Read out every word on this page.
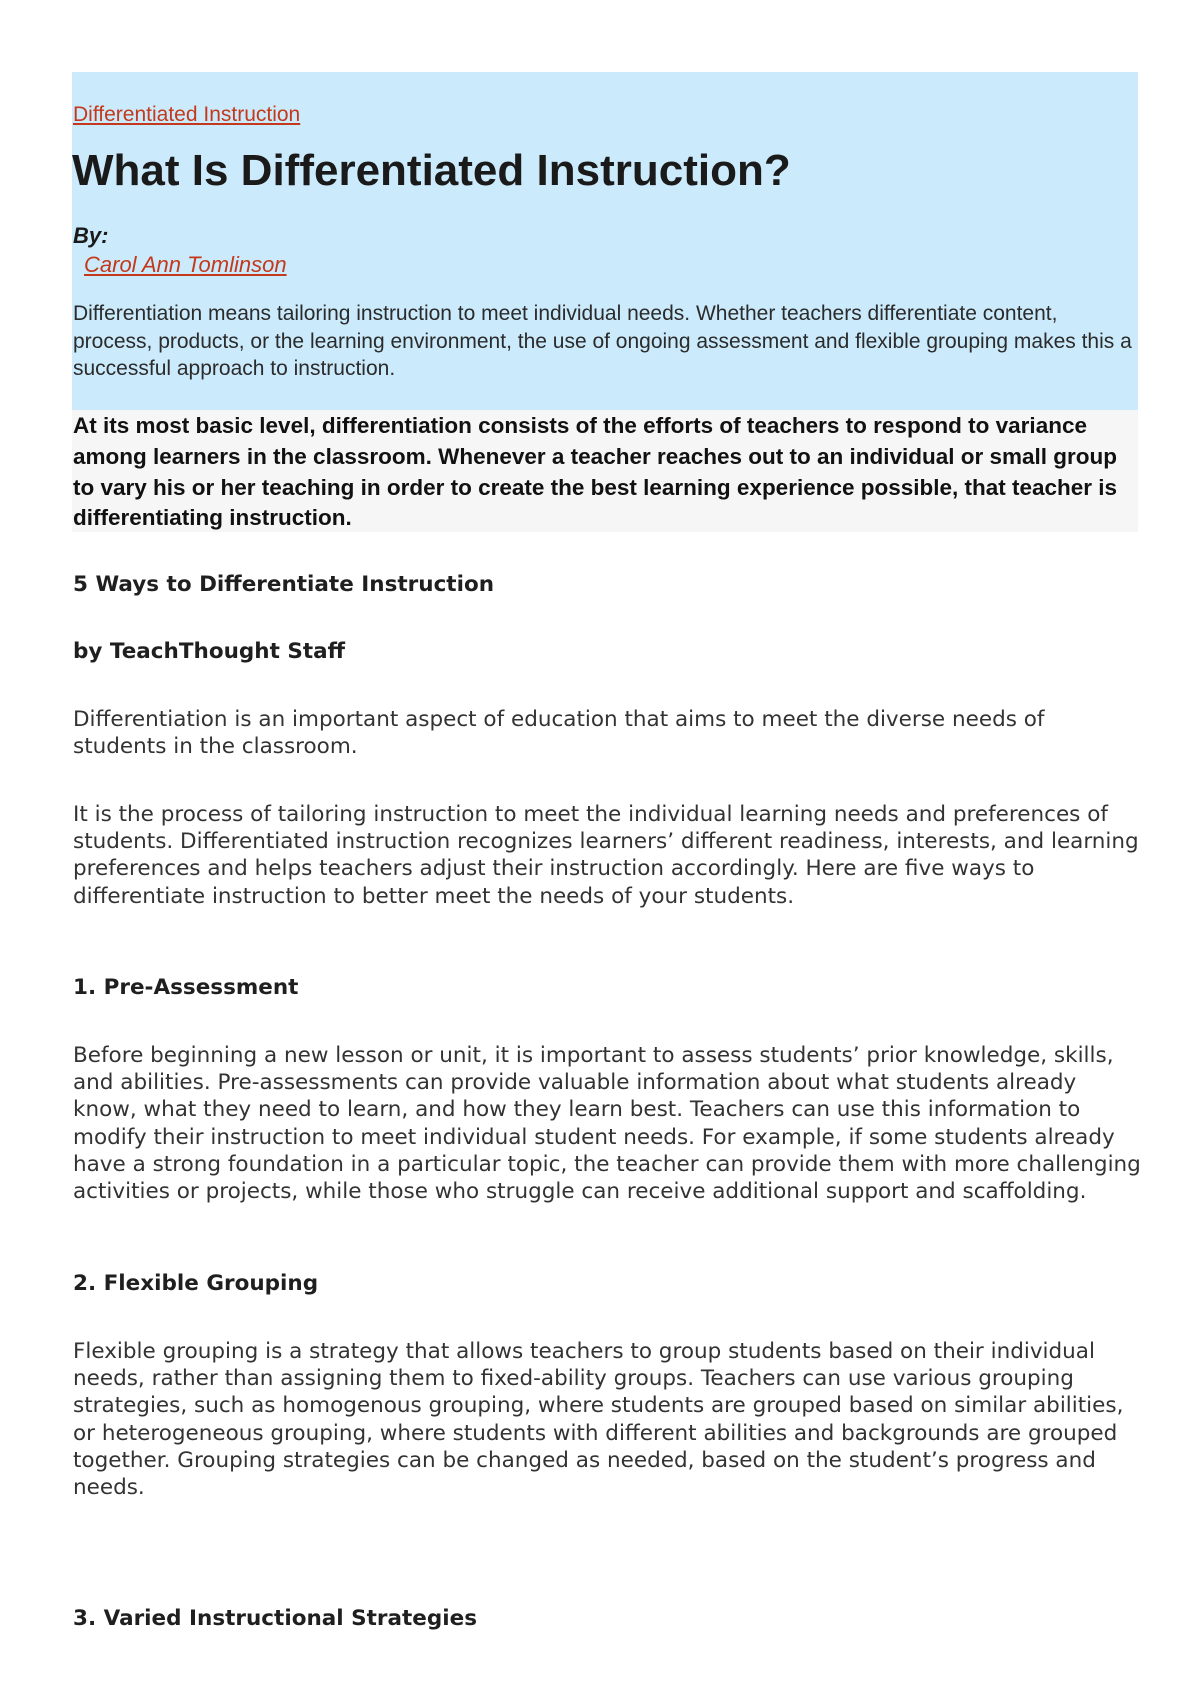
Differentiated Instruction
What Is Differentiated Instruction?
By:
Carol Ann Tomlinson

Differentiation means tailoring instruction to meet individual needs. Whether teachers differentiate content, process, products, or the learning environment, the use of ongoing assessment and flexible grouping makes this a successful approach to instruction.

At its most basic level, differentiation consists of the efforts of teachers to respond to variance among learners in the classroom. Whenever a teacher reaches out to an individual or small group to vary his or her teaching in order to create the best learning experience possible, that teacher is differentiating instruction.

5 Ways to Differentiate Instruction
by TeachThought Staff

Differentiation is an important aspect of education that aims to meet the diverse needs of students in the classroom.

It is the process of tailoring instruction to meet the individual learning needs and preferences of students. Differentiated instruction recognizes learners’ different readiness, interests, and learning preferences and helps teachers adjust their instruction accordingly. Here are five ways to differentiate instruction to better meet the needs of your students.

1. Pre-Assessment

Before beginning a new lesson or unit, it is important to assess students’ prior knowledge, skills, and abilities. Pre-assessments can provide valuable information about what students already know, what they need to learn, and how they learn best. Teachers can use this information to modify their instruction to meet individual student needs. For example, if some students already have a strong foundation in a particular topic, the teacher can provide them with more challenging activities or projects, while those who struggle can receive additional support and scaffolding.

2. Flexible Grouping

Flexible grouping is a strategy that allows teachers to group students based on their individual needs, rather than assigning them to fixed-ability groups. Teachers can use various grouping strategies, such as homogenous grouping, where students are grouped based on similar abilities, or heterogeneous grouping, where students with different abilities and backgrounds are grouped together. Grouping strategies can be changed as needed, based on the student’s progress and needs.

3. Varied Instructional Strategies
